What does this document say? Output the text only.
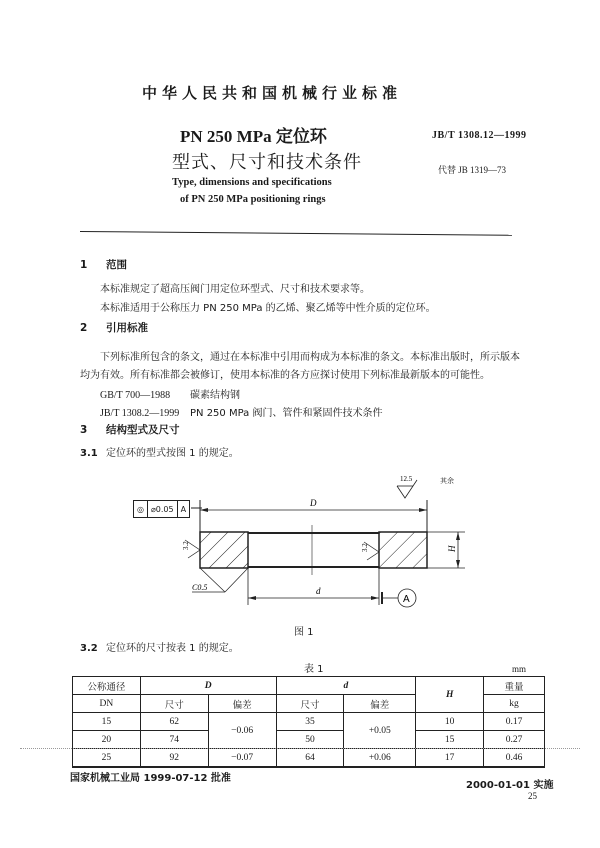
中华人民共和国机械行业标准
PN 250 MPa 定位环
型式、尺寸和技术条件
Type, dimensions and specifications
of PN 250 MPa positioning rings
JB/T 1308.12—1999
代替 JB 1319—73
1 范围
本标准规定了超高压阀门用定位环型式、尺寸和技术要求等。
本标准适用于公称压力 PN 250 MPa 的乙烯、聚乙烯等中性介质的定位环。
2 引用标准
下列标准所包含的条文，通过在本标准中引用而构成为本标准的条文。本标准出版时，所示版本
均为有效。所有标准都会被修订，使用本标准的各方应探讨使用下列标准最新版本的可能性。
GB/T 700—1988 碳素结构钢
JB/T 1308.2—1999 PN 250 MPa 阀门、管件和紧固件技术条件
3 结构型式及尺寸
3.1 定位环的型式按图 1 的规定。
◎ ⌀0.05 A
其余
D
H
d
A
C0.5
3.2	3.2
12.5
图 1
3.2 定位环的尺寸按表 1 的规定。
表 1	mm
公称通径	D		d		H	重量
DN	尺寸	偏差	尺寸	偏差		kg
15	62	−0.06	35	+0.05	10	0.17
20	74		50		15	0.27
25	92	−0.07	64	+0.06	17	0.46
国家机械工业局 1999-07-12 批准
2000-01-01 实施
25
